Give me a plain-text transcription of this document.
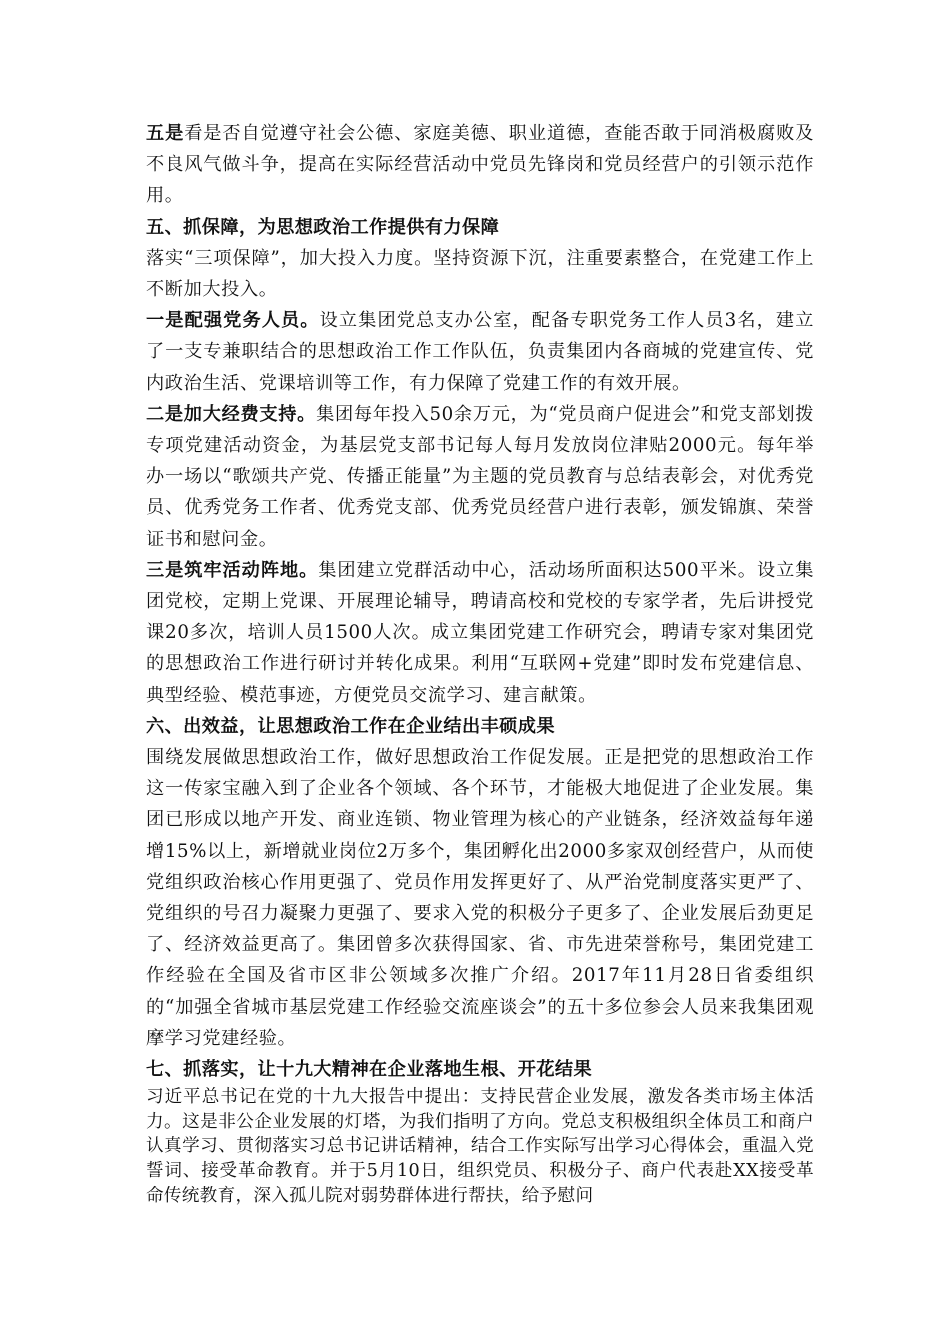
五是看是否自觉遵守社会公德、家庭美德、职业道德，查能否敢于同消极腐败及不良风气做斗争，提高在实际经营活动中党员先锋岗和党员经营户的引领示范作用。

五、抓保障，为思想政治工作提供有力保障

落实“三项保障”，加大投入力度。坚持资源下沉，注重要素整合，在党建工作上不断加大投入。

一是配强党务人员。设立集团党总支办公室，配备专职党务工作人员3名，建立了一支专兼职结合的思想政治工作工作队伍，负责集团内各商城的党建宣传、党内政治生活、党课培训等工作，有力保障了党建工作的有效开展。

二是加大经费支持。集团每年投入50余万元，为“党员商户促进会”和党支部划拨专项党建活动资金，为基层党支部书记每人每月发放岗位津贴2000元。每年举办一场以“歌颂共产党、传播正能量”为主题的党员教育与总结表彰会，对优秀党员、优秀党务工作者、优秀党支部、优秀党员经营户进行表彰，颁发锦旗、荣誉证书和慰问金。

三是筑牢活动阵地。集团建立党群活动中心，活动场所面积达500平米。设立集团党校，定期上党课、开展理论辅导，聘请高校和党校的专家学者，先后讲授党课20多次，培训人员1500人次。成立集团党建工作研究会，聘请专家对集团党的思想政治工作进行研讨并转化成果。利用“互联网+党建”即时发布党建信息、典型经验、模范事迹，方便党员交流学习、建言献策。

六、出效益，让思想政治工作在企业结出丰硕成果

围绕发展做思想政治工作，做好思想政治工作促发展。正是把党的思想政治工作这一传家宝融入到了企业各个领域、各个环节，才能极大地促进了企业发展。集团已形成以地产开发、商业连锁、物业管理为核心的产业链条，经济效益每年递增15%以上，新增就业岗位2万多个，集团孵化出2000多家双创经营户，从而使党组织政治核心作用更强了、党员作用发挥更好了、从严治党制度落实更严了、党组织的号召力凝聚力更强了、要求入党的积极分子更多了、企业发展后劲更足了、经济效益更高了。集团曾多次获得国家、省、市先进荣誉称号，集团党建工作经验在全国及省市区非公领域多次推广介绍。2017年11月28日省委组织的“加强全省城市基层党建工作经验交流座谈会”的五十多位参会人员来我集团观摩学习党建经验。

七、抓落实，让十九大精神在企业落地生根、开花结果

习近平总书记在党的十九大报告中提出：支持民营企业发展，激发各类市场主体活力。这是非公企业发展的灯塔，为我们指明了方向。党总支积极组织全体员工和商户认真学习、贯彻落实习总书记讲话精神，结合工作实际写出学习心得体会，重温入党誓词、接受革命教育。并于5月10日，组织党员、积极分子、商户代表赴XX接受革命传统教育，深入孤儿院对弱势群体进行帮扶，给予慰问
